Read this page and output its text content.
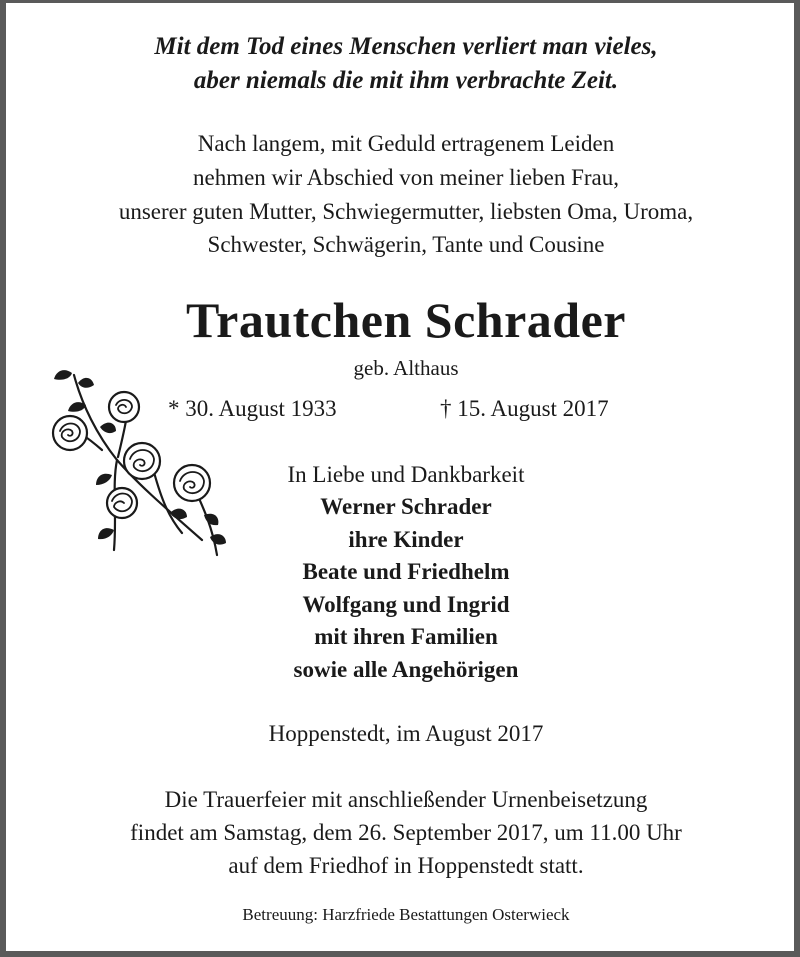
Mit dem Tod eines Menschen verliert man vieles,
aber niemals die mit ihm verbrachte Zeit.
Nach langem, mit Geduld ertragenem Leiden
nehmen wir Abschied von meiner lieben Frau,
unserer guten Mutter, Schwiegermutter, liebsten Oma, Uroma,
Schwester, Schwägerin, Tante und Cousine
Trautchen Schrader
geb. Althaus
* 30. August 1933	† 15. August 2017
In Liebe und Dankbarkeit
Werner Schrader
ihre Kinder
Beate und Friedhelm
Wolfgang und Ingrid
mit ihren Familien
sowie alle Angehörigen
Hoppenstedt, im August 2017
Die Trauerfeier mit anschließender Urnenbeisetzung
findet am Samstag, dem 26. September 2017, um 11.00 Uhr
auf dem Friedhof in Hoppenstedt statt.
Betreuung: Harzfriede Bestattungen Osterwieck
